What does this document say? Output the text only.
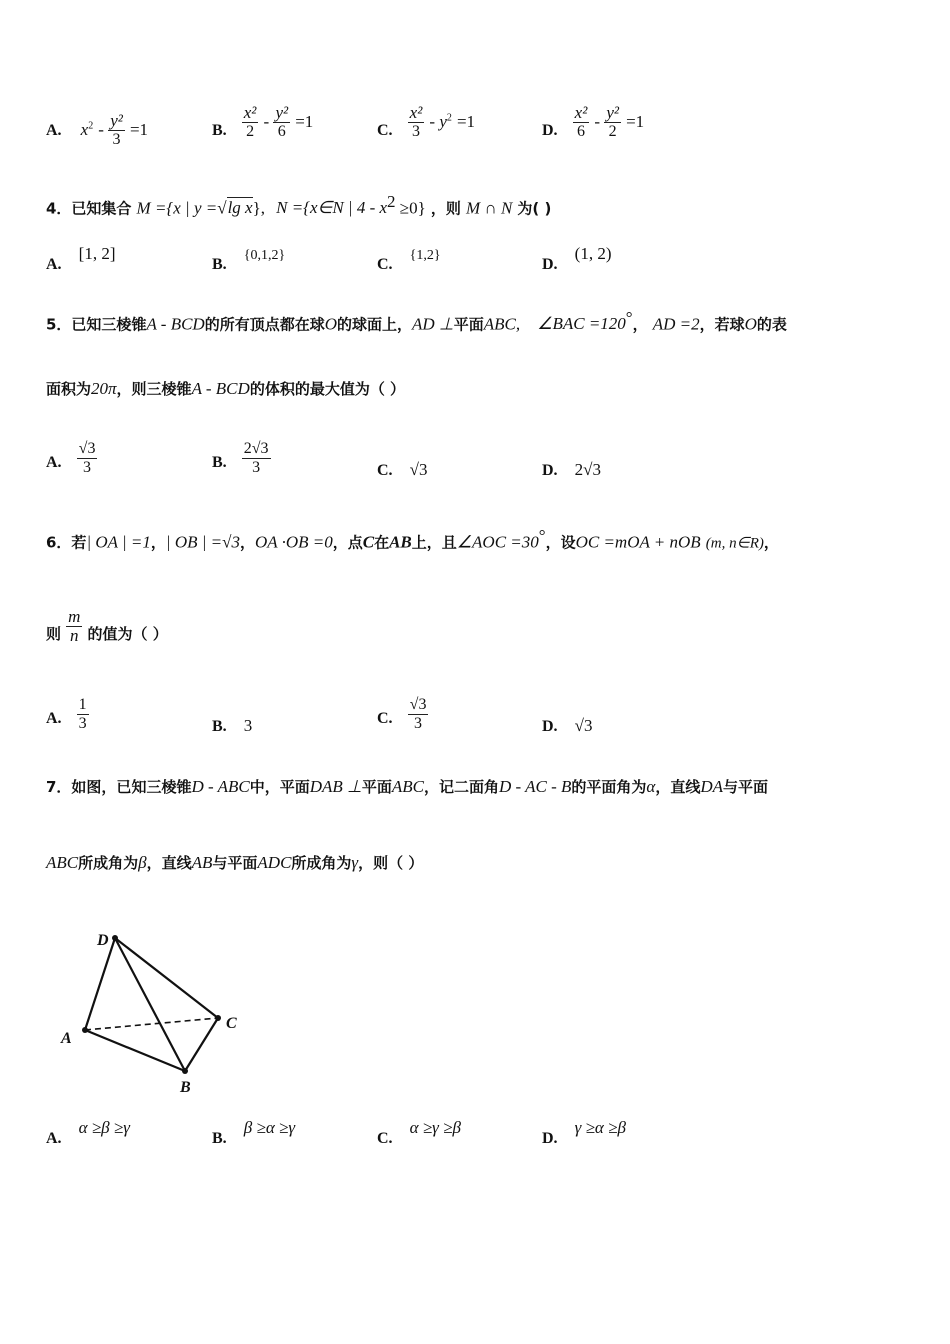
A. $x^2 - \frac{\text{y²}}{3} =1$	B. $\frac{\text{x²}}{2} - \frac{\text{y²}}{6} =1$	C. $\frac{\text{x²}}{3} - y^2 =1$	D. $\frac{\text{x²}}{6} - \frac{\text{y²}}{2} =1$
4．已知集合 M ={x | y =√lg x}, N ={x∈N | $4 - x^2 \ge 0$} ，则 M ∩ N 为( )
A. [1, 2]
B. {0,1,2}
C. {1,2}
D. (1, 2)
5．已知三棱锥A - BCD的所有顶点都在球O的球面上，AD ⊥平面ABC, ∠BAC =120°， AD =2，若球O的表
面积为20π，则三棱锥A - BCD的体积的最大值为（ ）
A. $\frac{√3}{3}$	B. $\frac{2√3}{3}$	C. √3	D. 2√3
6．若| OA | =1，| OB | =√3，OA ·OB =0，点C在AB上，且∠AOC =30°，设OC =mOA + nOB (m, n∈R)，
则 $\frac{m}{n}$ 的值为（ ）
A. $\frac{1}{3}$	B. 3	C. $\frac{√3}{3}$	D. √3
7．如图，已知三棱锥D - ABC中，平面DAB ⊥平面ABC，记二面角D - AC - B的平面角为α，直线DA与平面
ABC所成角为β，直线AB与平面ADC所成角为γ，则（ ）
D
A
B
C
A. α ≥β ≥γ
B. β ≥α ≥γ
C. α ≥γ ≥β
D. γ ≥α ≥β
